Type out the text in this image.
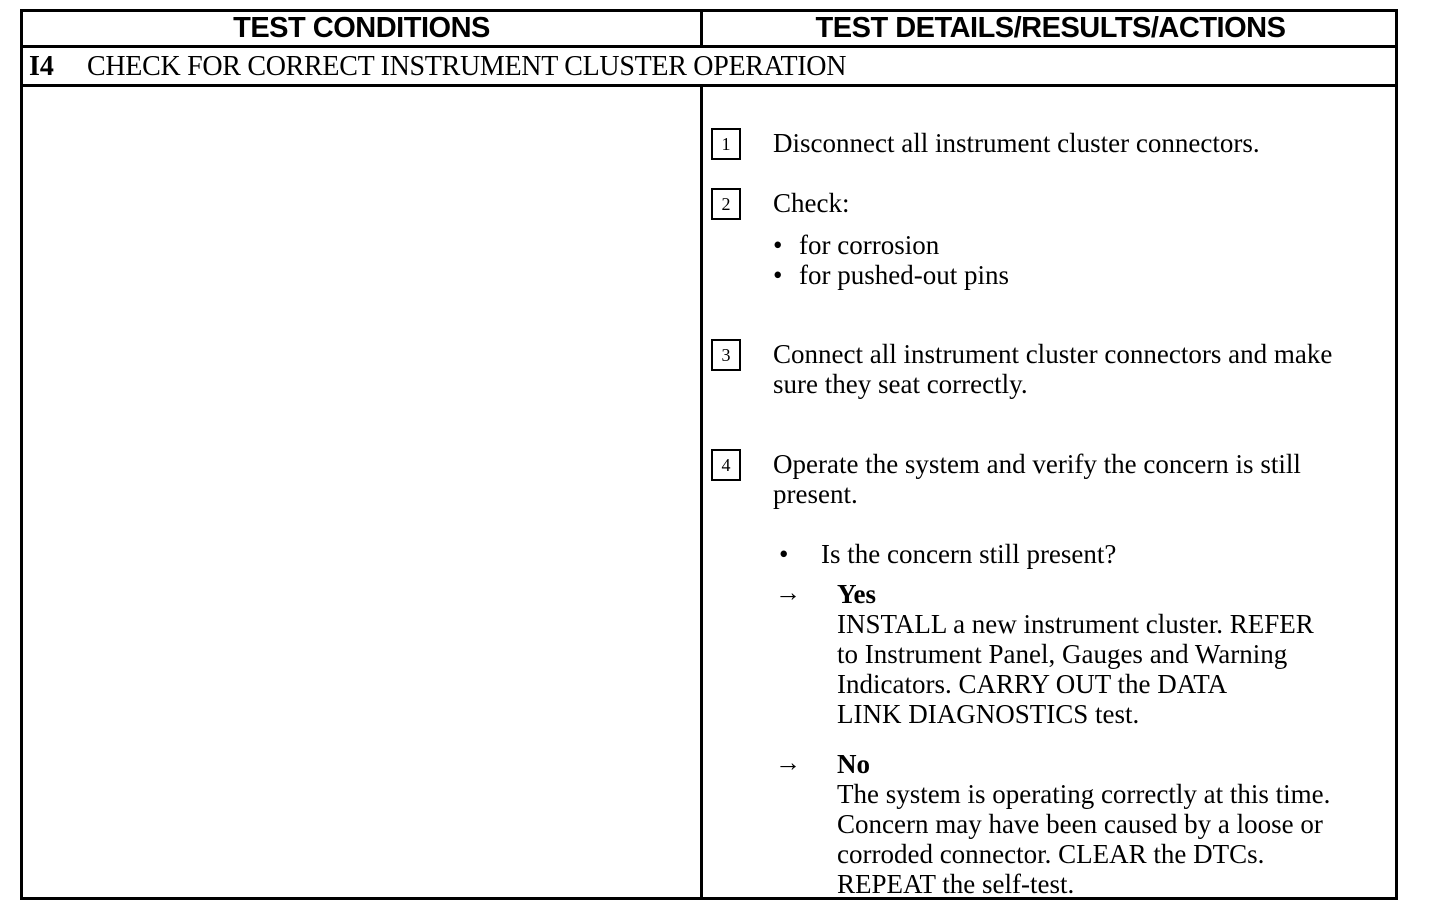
TEST CONDITIONS	TEST DETAILS/RESULTS/ACTIONS
I4 CHECK FOR CORRECT INSTRUMENT CLUSTER OPERATION
1	Disconnect all instrument cluster connectors.
2	Check:
• for corrosion
• for pushed-out pins
3	Connect all instrument cluster connectors and make sure they seat correctly.
4	Operate the system and verify the concern is still present.
• Is the concern still present?
→ Yes
INSTALL a new instrument cluster. REFER
to Instrument Panel, Gauges and Warning
Indicators. CARRY OUT the DATA
LINK DIAGNOSTICS test.
→ No
The system is operating correctly at this time.
Concern may have been caused by a loose or
corroded connector. CLEAR the DTCs.
REPEAT the self-test.
